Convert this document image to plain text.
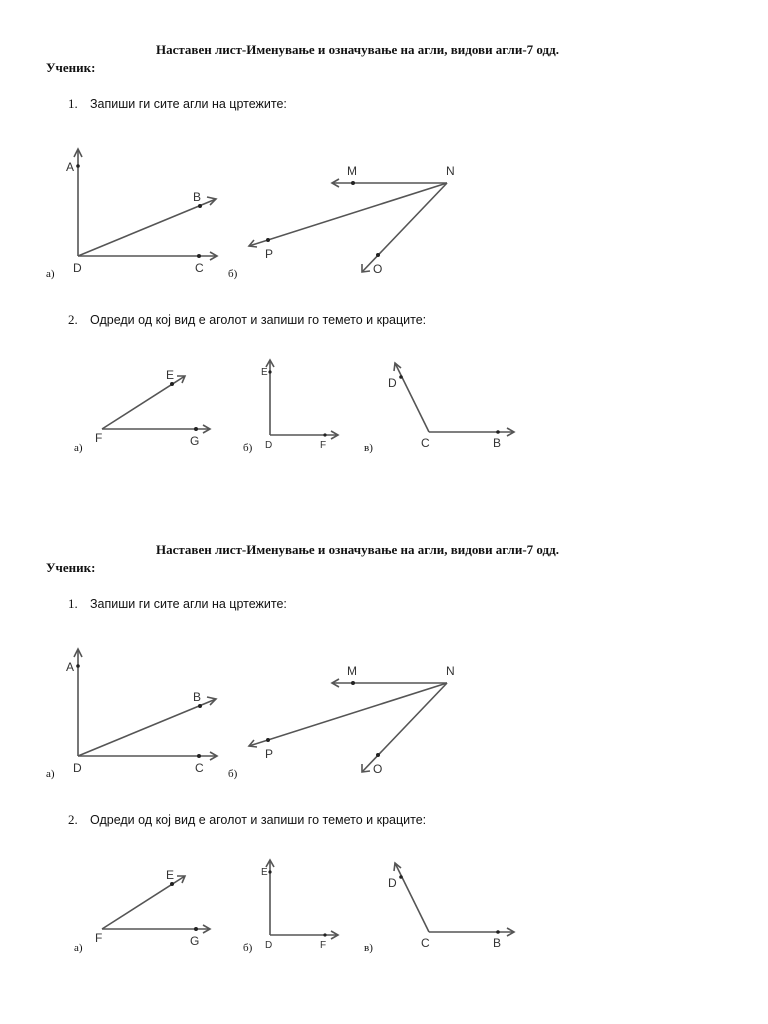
Наставен лист-Именување и означување на агли, видови агли-7 одд.
Ученик:
1. Запиши ги сите агли на цртежите:
2. Одреди од кој вид е аголот и запиши го темето и краците:
A
B
C
D
а)
M	N
P
O
б)
E
F	G
а)
E
D	F
б)
D
C	B
в)
Наставен лист-Именување и означување на агли, видови агли-7 одд.
Ученик:
1. Запиши ги сите агли на цртежите:
2. Одреди од кој вид е аголот и запиши го темето и краците:
A
B
C
D
а)
M	N
P
O
б)
E
F	G
а)
E
D	F
б)
D
C	B
в)
